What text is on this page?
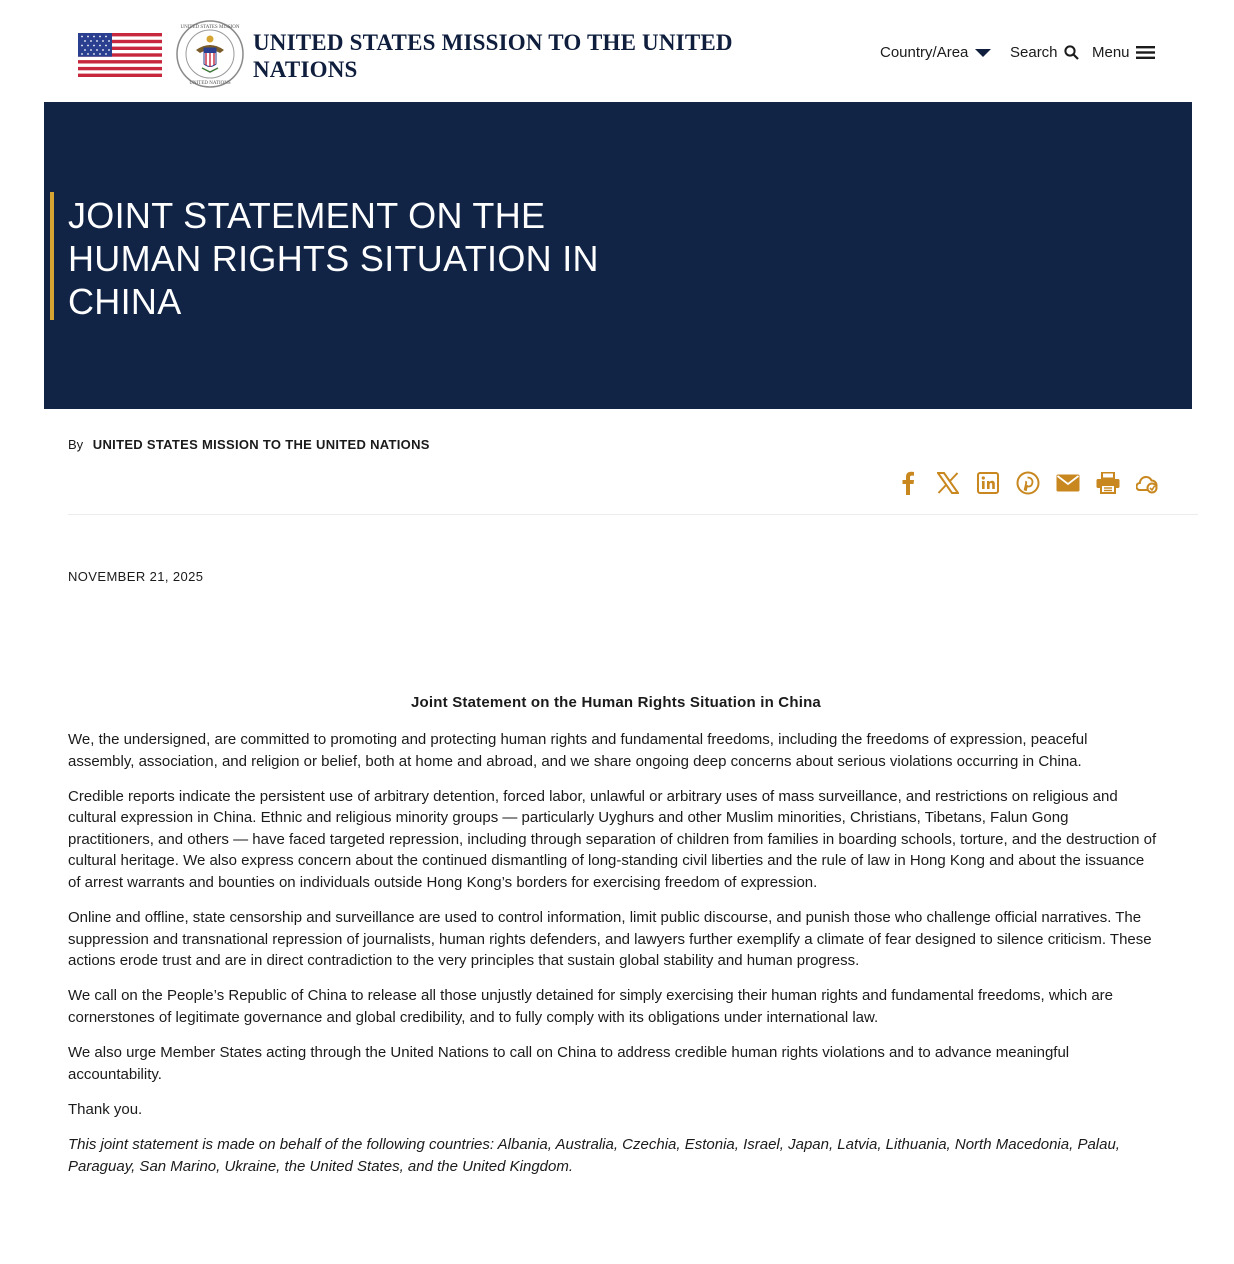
UNITED STATES MISSION
UNITED NATIONS
UNITED STATES MISSION TO THE UNITED
NATIONS
Country/Area	Search Menu
JOINT STATEMENT ON THE
HUMAN RIGHTS SITUATION IN
CHINA
By UNITED STATES MISSION TO THE UNITED NATIONS
NOVEMBER 21, 2025
Joint Statement on the Human Rights Situation in China

We, the undersigned, are committed to promoting and protecting human rights and fundamental freedoms, including the freedoms of expression, peaceful assembly, association, and religion or belief, both at home and abroad, and we share ongoing deep concerns about serious violations occurring in China.

Credible reports indicate the persistent use of arbitrary detention, forced labor, unlawful or arbitrary uses of mass surveillance, and restrictions on religious and cultural expression in China. Ethnic and religious minority groups — particularly Uyghurs and other Muslim minorities, Christians, Tibetans, Falun Gong practitioners, and others — have faced targeted repression, including through separation of children from families in boarding schools, torture, and the destruction of cultural heritage. We also express concern about the continued dismantling of long-standing civil liberties and the rule of law in Hong Kong and about the issuance of arrest warrants and bounties on individuals outside Hong Kong’s borders for exercising freedom of expression.

Online and offline, state censorship and surveillance are used to control information, limit public discourse, and punish those who challenge official narratives. The suppression and transnational repression of journalists, human rights defenders, and lawyers further exemplify a climate of fear designed to silence criticism. These actions erode trust and are in direct contradiction to the very principles that sustain global stability and human progress.

We call on the People’s Republic of China to release all those unjustly detained for simply exercising their human rights and fundamental freedoms, which are cornerstones of legitimate governance and global credibility, and to fully comply with its obligations under international law.

We also urge Member States acting through the United Nations to call on China to address credible human rights violations and to advance meaningful accountability.

Thank you.

This joint statement is made on behalf of the following countries: Albania, Australia, Czechia, Estonia, Israel, Japan, Latvia, Lithuania, North Macedonia, Palau, Paraguay, San Marino, Ukraine, the United States, and the United Kingdom.
